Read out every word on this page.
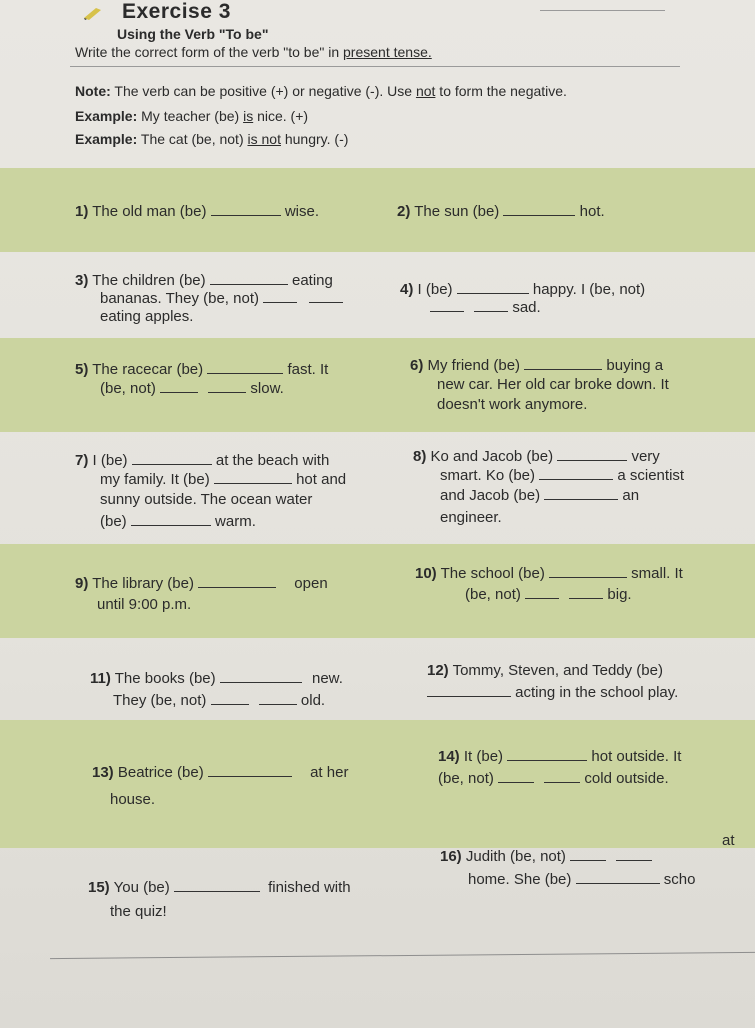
Exercise 3
Using the Verb "To be"
Write the correct form of the verb "to be" in present tense.
Note: The verb can be positive (+) or negative (-). Use not to form the negative.
Example: My teacher (be) is nice. (+)
Example: The cat (be, not) is not hungry. (-)
1) The old man (be)	wise.	2) The sun (be)	hot.
3) The children (be)	eating
bananas. They (be, not)
eating apples.
4) I (be)	happy. I (be, not)
sad.
5) The racecar (be)	fast. It
(be, not)	slow.
6) My friend (be)	buying a
new car. Her old car broke down. It
doesn't work anymore.
7) I (be)	at the beach with
my family. It (be)	hot and
sunny outside. The ocean water
(be)	warm.
8) Ko and Jacob (be)	very
smart. Ko (be)	a scientist
and Jacob (be)	an
engineer.
9) The library (be)	open
until 9:00 p.m.
10) The school (be)	small. It
(be, not)	big.
11) The books (be)	new.
They (be, not)	old.
12) Tommy, Steven, and Teddy (be)
acting in the school play.
13) Beatrice (be)	at her
house.
14) It (be)	hot outside. It
(be, not)	cold outside.
15) You (be)	finished with
the quiz!
16) Judith (be, not)
at
home. She (be)	scho
